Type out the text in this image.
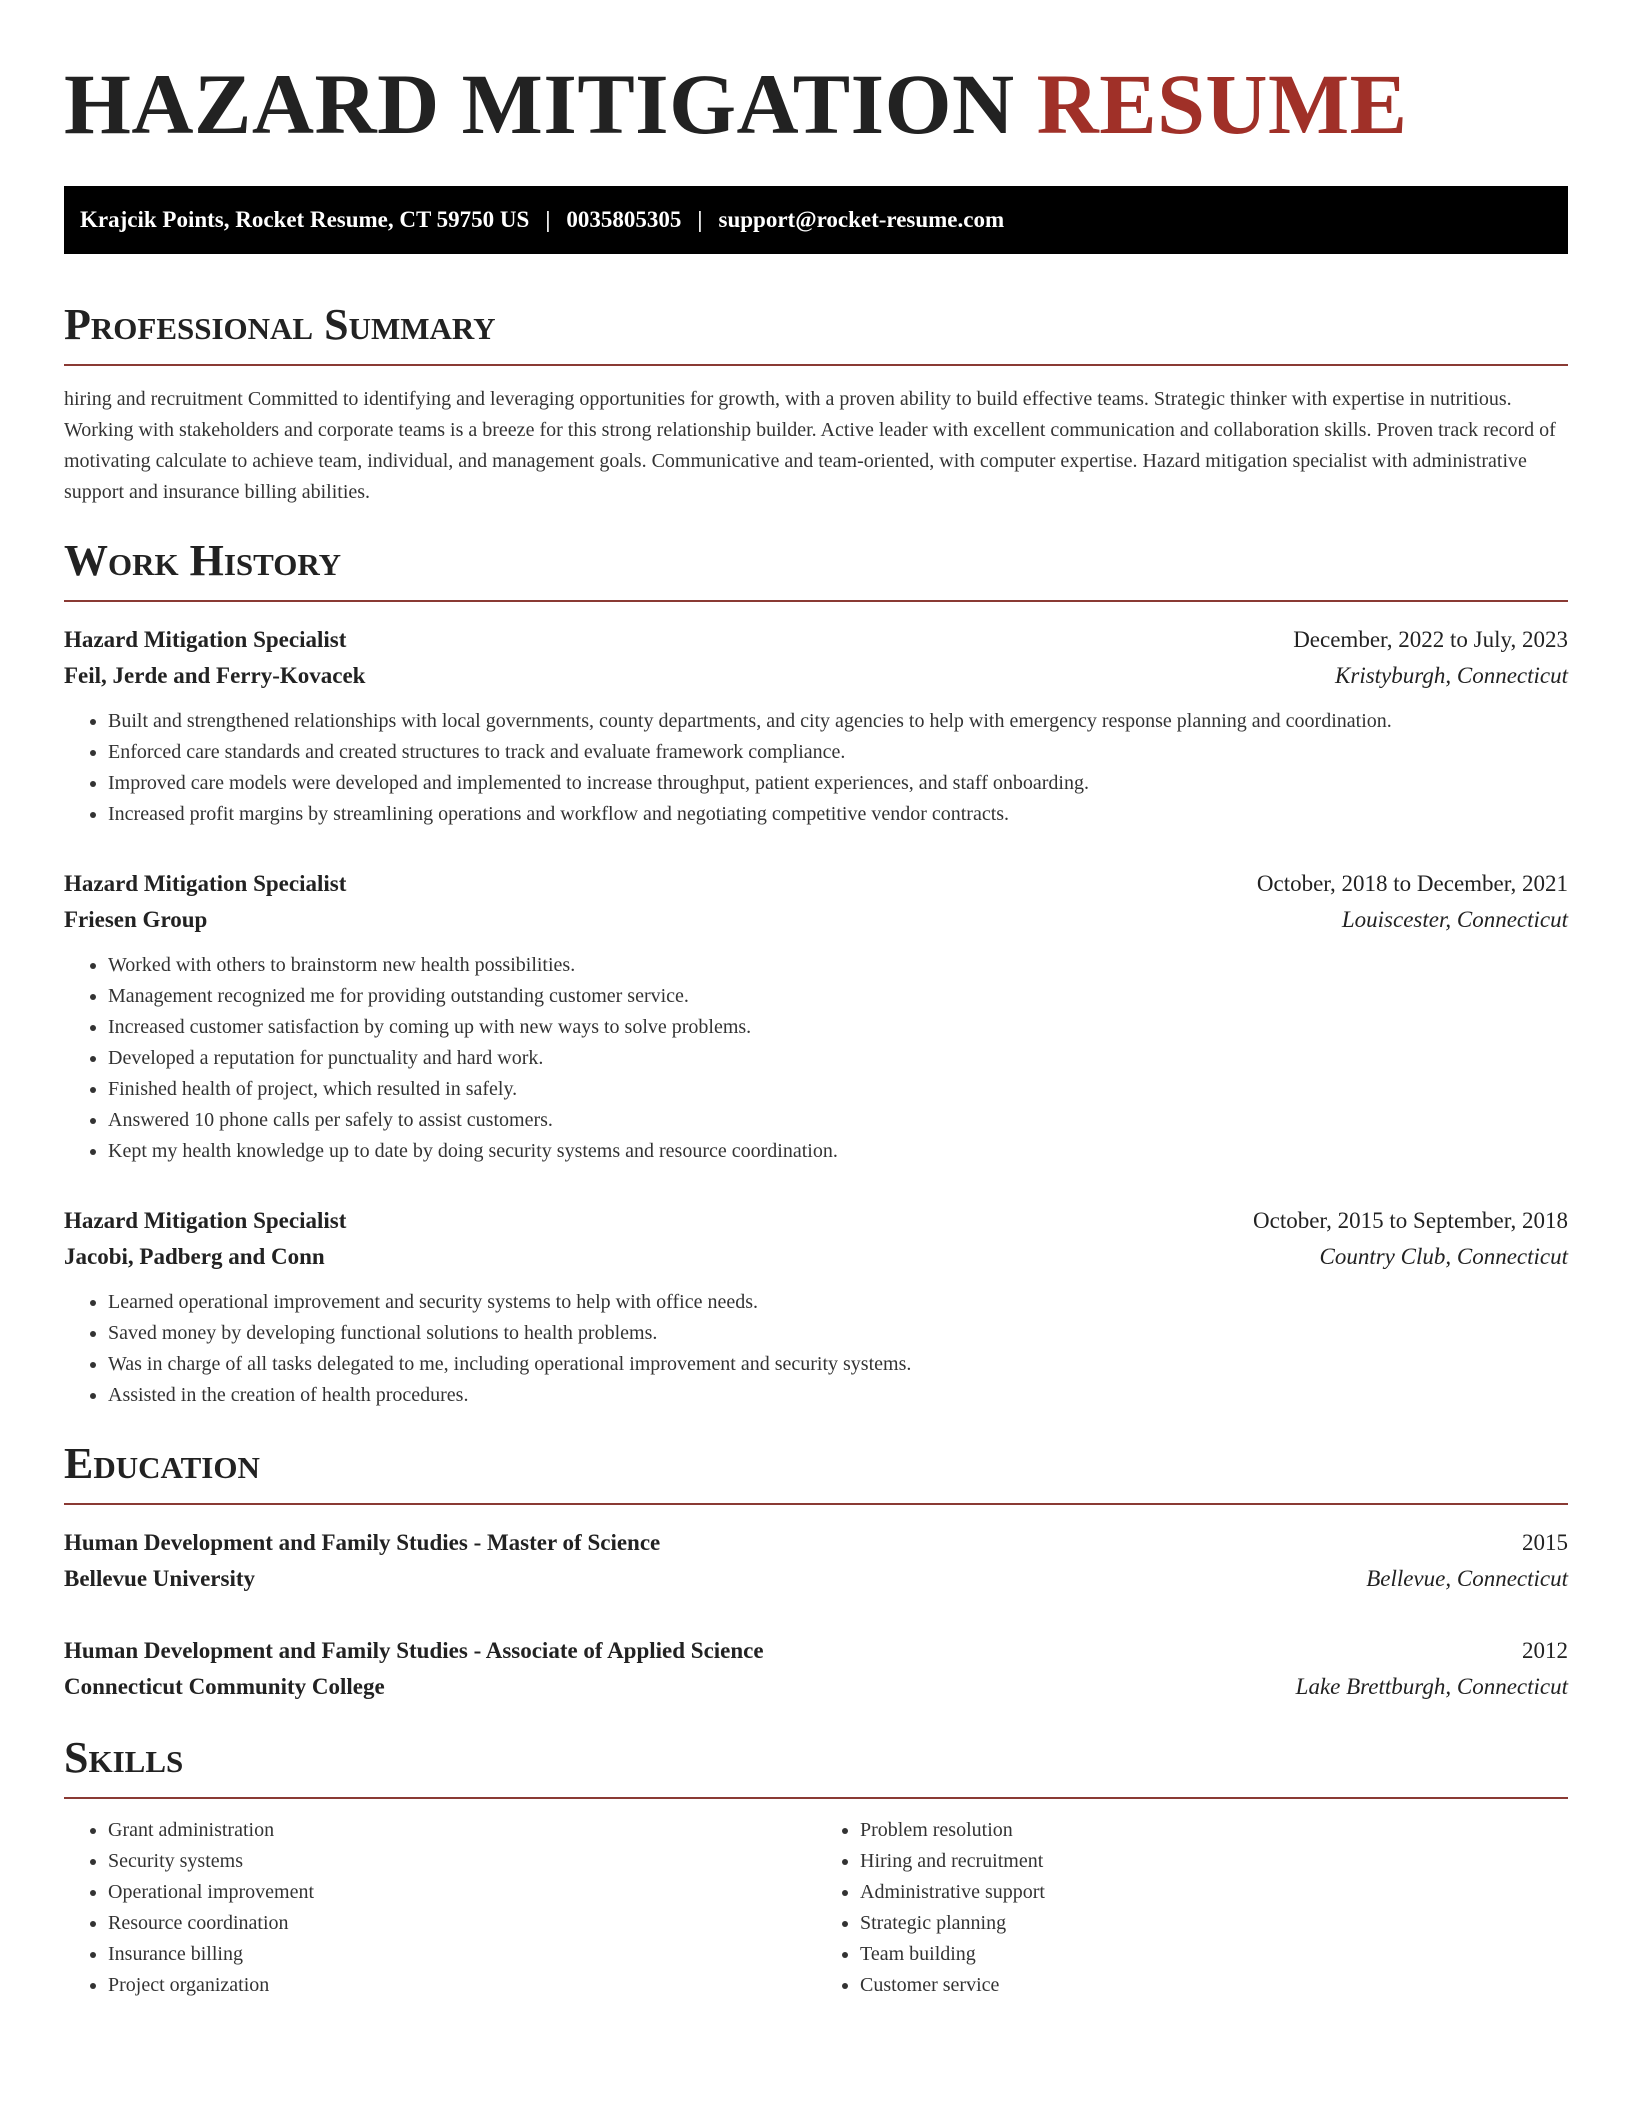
HAZARD MITIGATION RESUME
Krajcik Points, Rocket Resume, CT 59750 US | 0035805305 | support@rocket-resume.com
Professional Summary
hiring and recruitment Committed to identifying and leveraging opportunities for growth, with a proven ability to build effective teams. Strategic thinker with expertise in nutritious. Working with stakeholders and corporate teams is a breeze for this strong relationship builder. Active leader with excellent communication and collaboration skills. Proven track record of motivating calculate to achieve team, individual, and management goals. Communicative and team-oriented, with computer expertise. Hazard mitigation specialist with administrative support and insurance billing abilities.
Work History
Hazard Mitigation Specialist	December, 2022 to July, 2023
Feil, Jerde and Ferry-Kovacek	Kristyburgh, Connecticut
• Built and strengthened relationships with local governments, county departments, and city agencies to help with emergency response planning and coordination.
• Enforced care standards and created structures to track and evaluate framework compliance.
• Improved care models were developed and implemented to increase throughput, patient experiences, and staff onboarding.
• Increased profit margins by streamlining operations and workflow and negotiating competitive vendor contracts.
Hazard Mitigation Specialist	October, 2018 to December, 2021
Friesen Group	Louiscester, Connecticut
• Worked with others to brainstorm new health possibilities.
• Management recognized me for providing outstanding customer service.
• Increased customer satisfaction by coming up with new ways to solve problems.
• Developed a reputation for punctuality and hard work.
• Finished health of project, which resulted in safely.
• Answered 10 phone calls per safely to assist customers.
• Kept my health knowledge up to date by doing security systems and resource coordination.
Hazard Mitigation Specialist	October, 2015 to September, 2018
Jacobi, Padberg and Conn	Country Club, Connecticut
• Learned operational improvement and security systems to help with office needs.
• Saved money by developing functional solutions to health problems.
• Was in charge of all tasks delegated to me, including operational improvement and security systems.
• Assisted in the creation of health procedures.
Education
Human Development and Family Studies - Master of Science	2015
Bellevue University	Bellevue, Connecticut
Human Development and Family Studies - Associate of Applied Science	2012
Connecticut Community College	Lake Brettburgh, Connecticut
Skills
• Grant administration
• Security systems
• Operational improvement
• Resource coordination
• Insurance billing
• Project organization
• Problem resolution
• Hiring and recruitment
• Administrative support
• Strategic planning
• Team building
• Customer service
